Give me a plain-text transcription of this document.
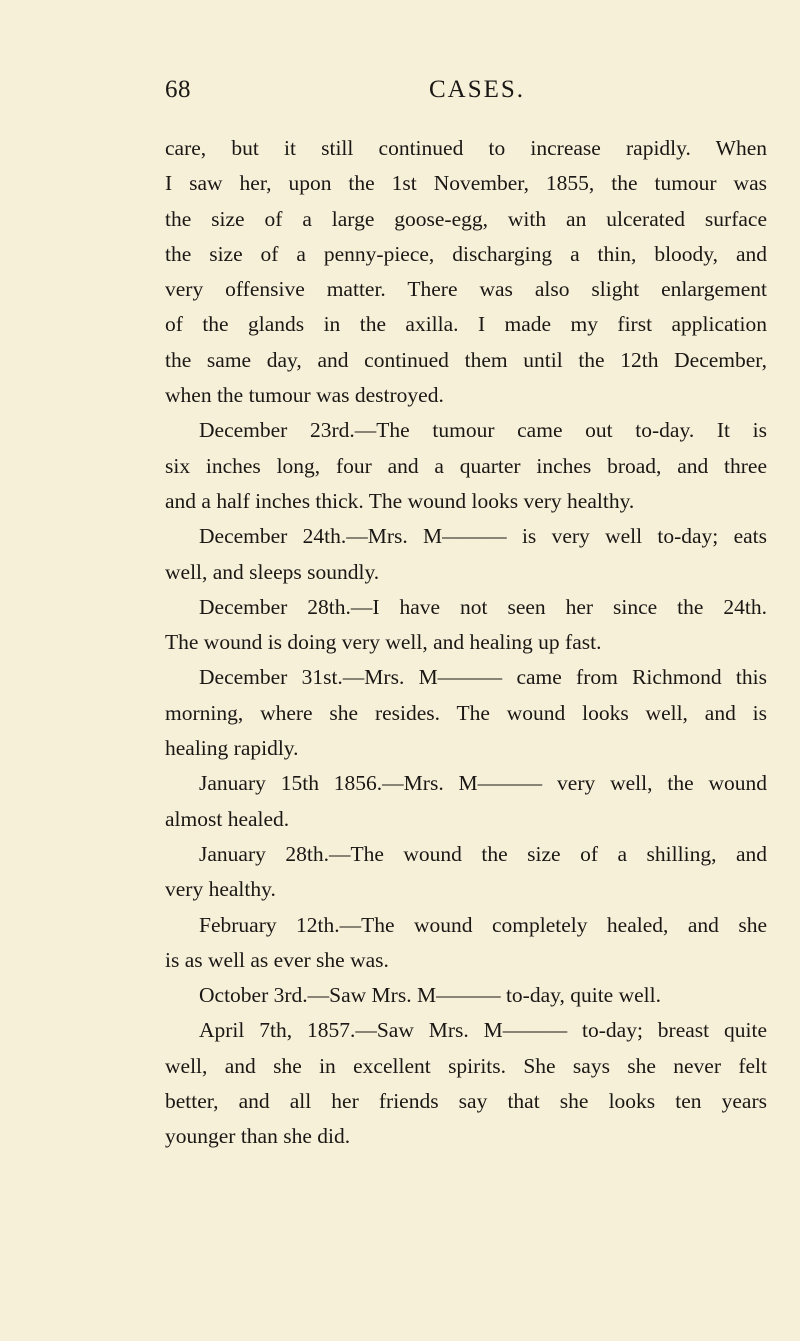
68	CASES.
care, but it still continued to increase rapidly. When
I saw her, upon the 1st November, 1855, the tumour was
the size of a large goose-egg, with an ulcerated surface
the size of a penny-piece, discharging a thin, bloody, and
very offensive matter. There was also slight enlargement
of the glands in the axilla. I made my first application
the same day, and continued them until the 12th December,
when the tumour was destroyed.
December 23rd.—The tumour came out to-day. It is
six inches long, four and a quarter inches broad, and three
and a half inches thick. The wound looks very healthy.
December 24th.—Mrs. M——— is very well to-day; eats
well, and sleeps soundly.
December 28th.—I have not seen her since the 24th.
The wound is doing very well, and healing up fast.
December 31st.—Mrs. M——— came from Richmond this
morning, where she resides. The wound looks well, and is
healing rapidly.
January 15th 1856.—Mrs. M——— very well, the wound
almost healed.
January 28th.—The wound the size of a shilling, and
very healthy.
February 12th.—The wound completely healed, and she
is as well as ever she was.
October 3rd.—Saw Mrs. M——— to-day, quite well.
April 7th, 1857.—Saw Mrs. M——— to-day; breast quite
well, and she in excellent spirits. She says she never felt
better, and all her friends say that she looks ten years
younger than she did.
